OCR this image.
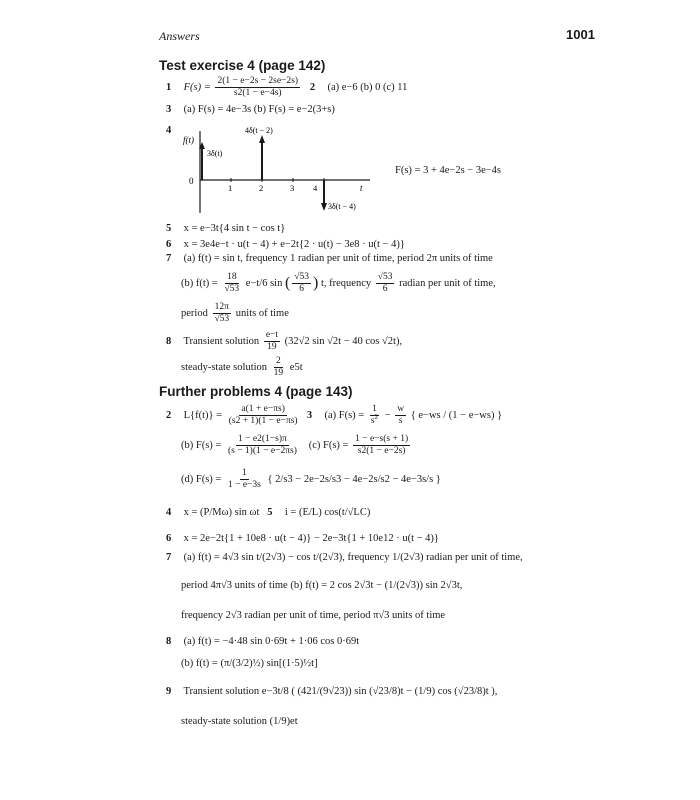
Answers	1001
Test exercise 4 (page 142)
1 $F(s) = \frac{2(1 - e-2s - 2se-2s)}{s2(1 - e-4s)} 2$ (a) e−6 (b) 0 (c) 11
3 (a) F(s) = 4e−3s (b) F(s) = e−2(3+s)
4
f(t)
t
0
1	2	3 4
3δ(t)
4δ(t − 2)
3δ(t − 4)
F(s) = 3 + 4e−2s − 3e−4s
5 x = e−3t{4 sin t − cos t}
6 x = 3e4e−t · u(t − 4) + e−2t{2 · u(t) − 3e8 · u(t − 4)}
7 (a) f(t) = sin t, frequency 1 radian per unit of time, period 2π units of time
(b) $f(t) = \frac{18}{√53} e-t/6$ sin ( $\frac{√53}{6}$ ) t, frequency $\frac{√53}{6}$ radian per unit of time,
period $\frac{12\pi}{√53}$ units of time
8 Transient solution $\frac{e-t}{19} (32√2$ sin √2t − 40 cos √2t),
steady-state solution $\frac{2}{19} e5t$
Further problems 4 (page 143)
2 $L\{f(t)\} = \frac{a(1 + e-\pi s)}{(s2 + 1)(1 - e-\pi s)} 3$ (a) $F(s) = \frac{1}{s^2} - \frac{w}{s}$ { e−ws / (1 − e−ws) }
(b) $F(s) = \frac{1 - e2(1-s)\pi}{(s - 1)(1 - e-2\pi s)} (c) F(s) = \frac{1 - e-s(s + 1)}{s2(1 - e-2s)}$
(d) $F(s) = \frac{1}{1 - e-3s}$ { 2/s3 − 2e−2s/s3 − 4e−2s/s2 − 4e−3s/s }
4 x = (P/Mω) sin ωt 5 i = (E/L) cos(t/√LC)
6 x = 2e−2t{1 + 10e8 · u(t − 4)} − 2e−3t{1 + 10e12 · u(t − 4)}
7 (a) f(t) = 4√3 sin t/(2√3) − cos t/(2√3), frequency 1/(2√3) radian per unit of time,
period 4π√3 units of time (b) f(t) = 2 cos 2√3t − (1/(2√3)) sin 2√3t,
frequency 2√3 radian per unit of time, period π√3 units of time
8 (a) f(t) = −4·48 sin 0·69t + 1·06 cos 0·69t
(b) f(t) = (π/(3/2)½) sin[(1·5)½t]
9 Transient solution e−3t/8 ( (421/(9√23)) sin (√23/8)t − (1/9) cos (√23/8)t ),
steady-state solution (1/9)et
